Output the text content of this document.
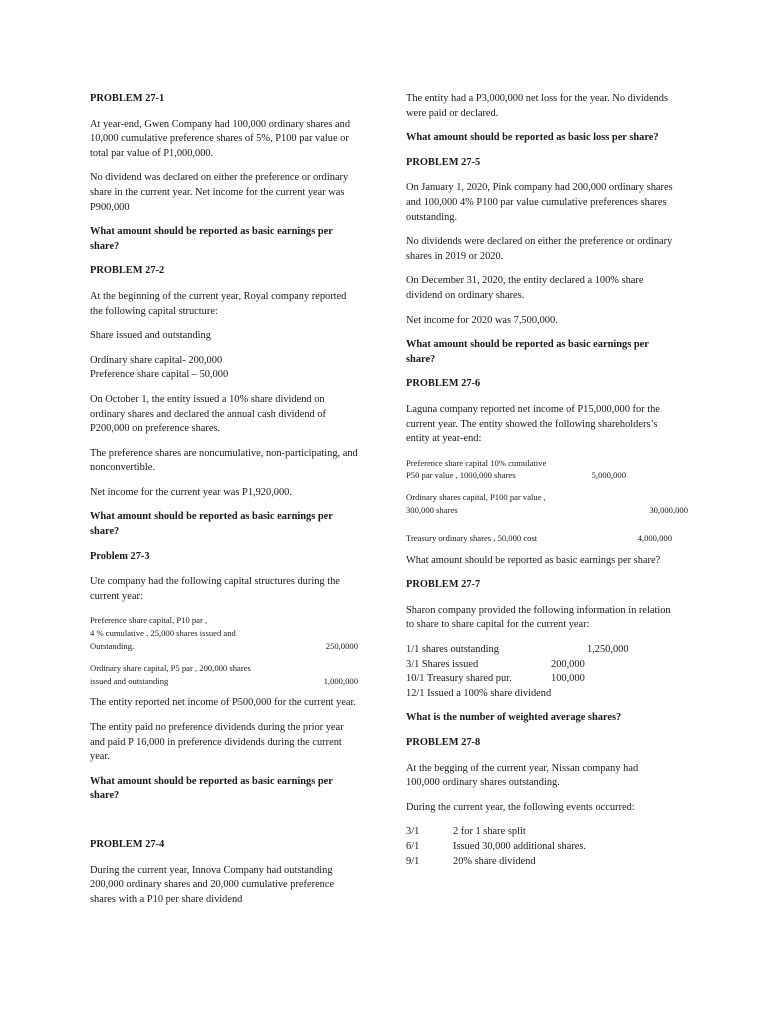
PROBLEM 27-1

At year-end, Gwen Company had 100,000 ordinary shares and 10,000 cumulative preference shares of 5%, P100 par value or total par value of P1,000,000.

No dividend was declared on either the preference or ordinary share in the current year. Net income for the current year was P900,000

What amount should be reported as basic earnings per share?

PROBLEM 27-2

At the beginning of the current year, Royal company reported the following capital structure:

Share issued and outstanding

Ordinary share capital- 200,000
Preference share capital – 50,000

On October 1, the entity issued a 10% share dividend on ordinary shares and declared the annual cash dividend of P200,000 on preference shares.

The preference shares are noncumulative, non-participating, and nonconvertible.

Net income for the current year was P1,920,000.

What amount should be reported as basic earnings per share?

Problem 27-3

Ute company had the following capital structures during the current year:

Preference share capital, P10 par ,
4 % cumulative , 25,000 shares issued and
Outstanding.	250,0000
Ordinary share capital, P5 par , 200,000 shares
issued and outstanding	1,000,000

The entity reported net income of P500,000 for the current year.

The entity paid no preference dividends during the prior year and paid P 16,000 in preference dividends during the current year.

What amount should be reported as basic earnings per share?

PROBLEM 27-4

During the current year, Innova Company had outstanding 200,000 ordinary shares and 20,000 cumulative preference shares with a P10 per share dividend

The entity had a P3,000,000 net loss for the year. No dividends were paid or declared.

What amount should be reported as basic loss per share?

PROBLEM 27-5

On January 1, 2020, Pink company had 200,000 ordinary shares and 100,000 4% P100 par value cumulative preferences shares outstanding.

No dividends were declared on either the preference or ordinary shares in 2019 or 2020.

On December 31, 2020, the entity declared a 100% share dividend on ordinary shares.

Net income for 2020 was 7,500,000.

What amount should be reported as basic earnings per share?

PROBLEM 27-6

Laguna company reported net income of P15,000,000 for the current year. The entity showed the following shareholders’s entity at year-end:

Preference share capital 10% cumulative
P50 par value , 1000,000 shares	5,000,000
Ordinary shares capital, P100 par value ,
300,000 shares	30,000,000
Treasury ordinary shares , 50,000 cost	4,000,000

What amount should be reported as basic earnings per share?

PROBLEM 27-7

Sharon company provided the following information in relation to share to share capital for the current year:

1/1 shares outstanding	1,250,000
3/1 Shares issued	200,000
10/1 Treasury shared pur.	100,000
12/1 Issued a 100% share dividend

What is the number of weighted average shares?

PROBLEM 27-8

At the begging of the current year, Nissan company had 100,000 ordinary shares outstanding.

During the current year, the following events occurred:

3/1	2 for 1 share split
6/1	Issued 30,000 additional shares.
9/1	20% share dividend
